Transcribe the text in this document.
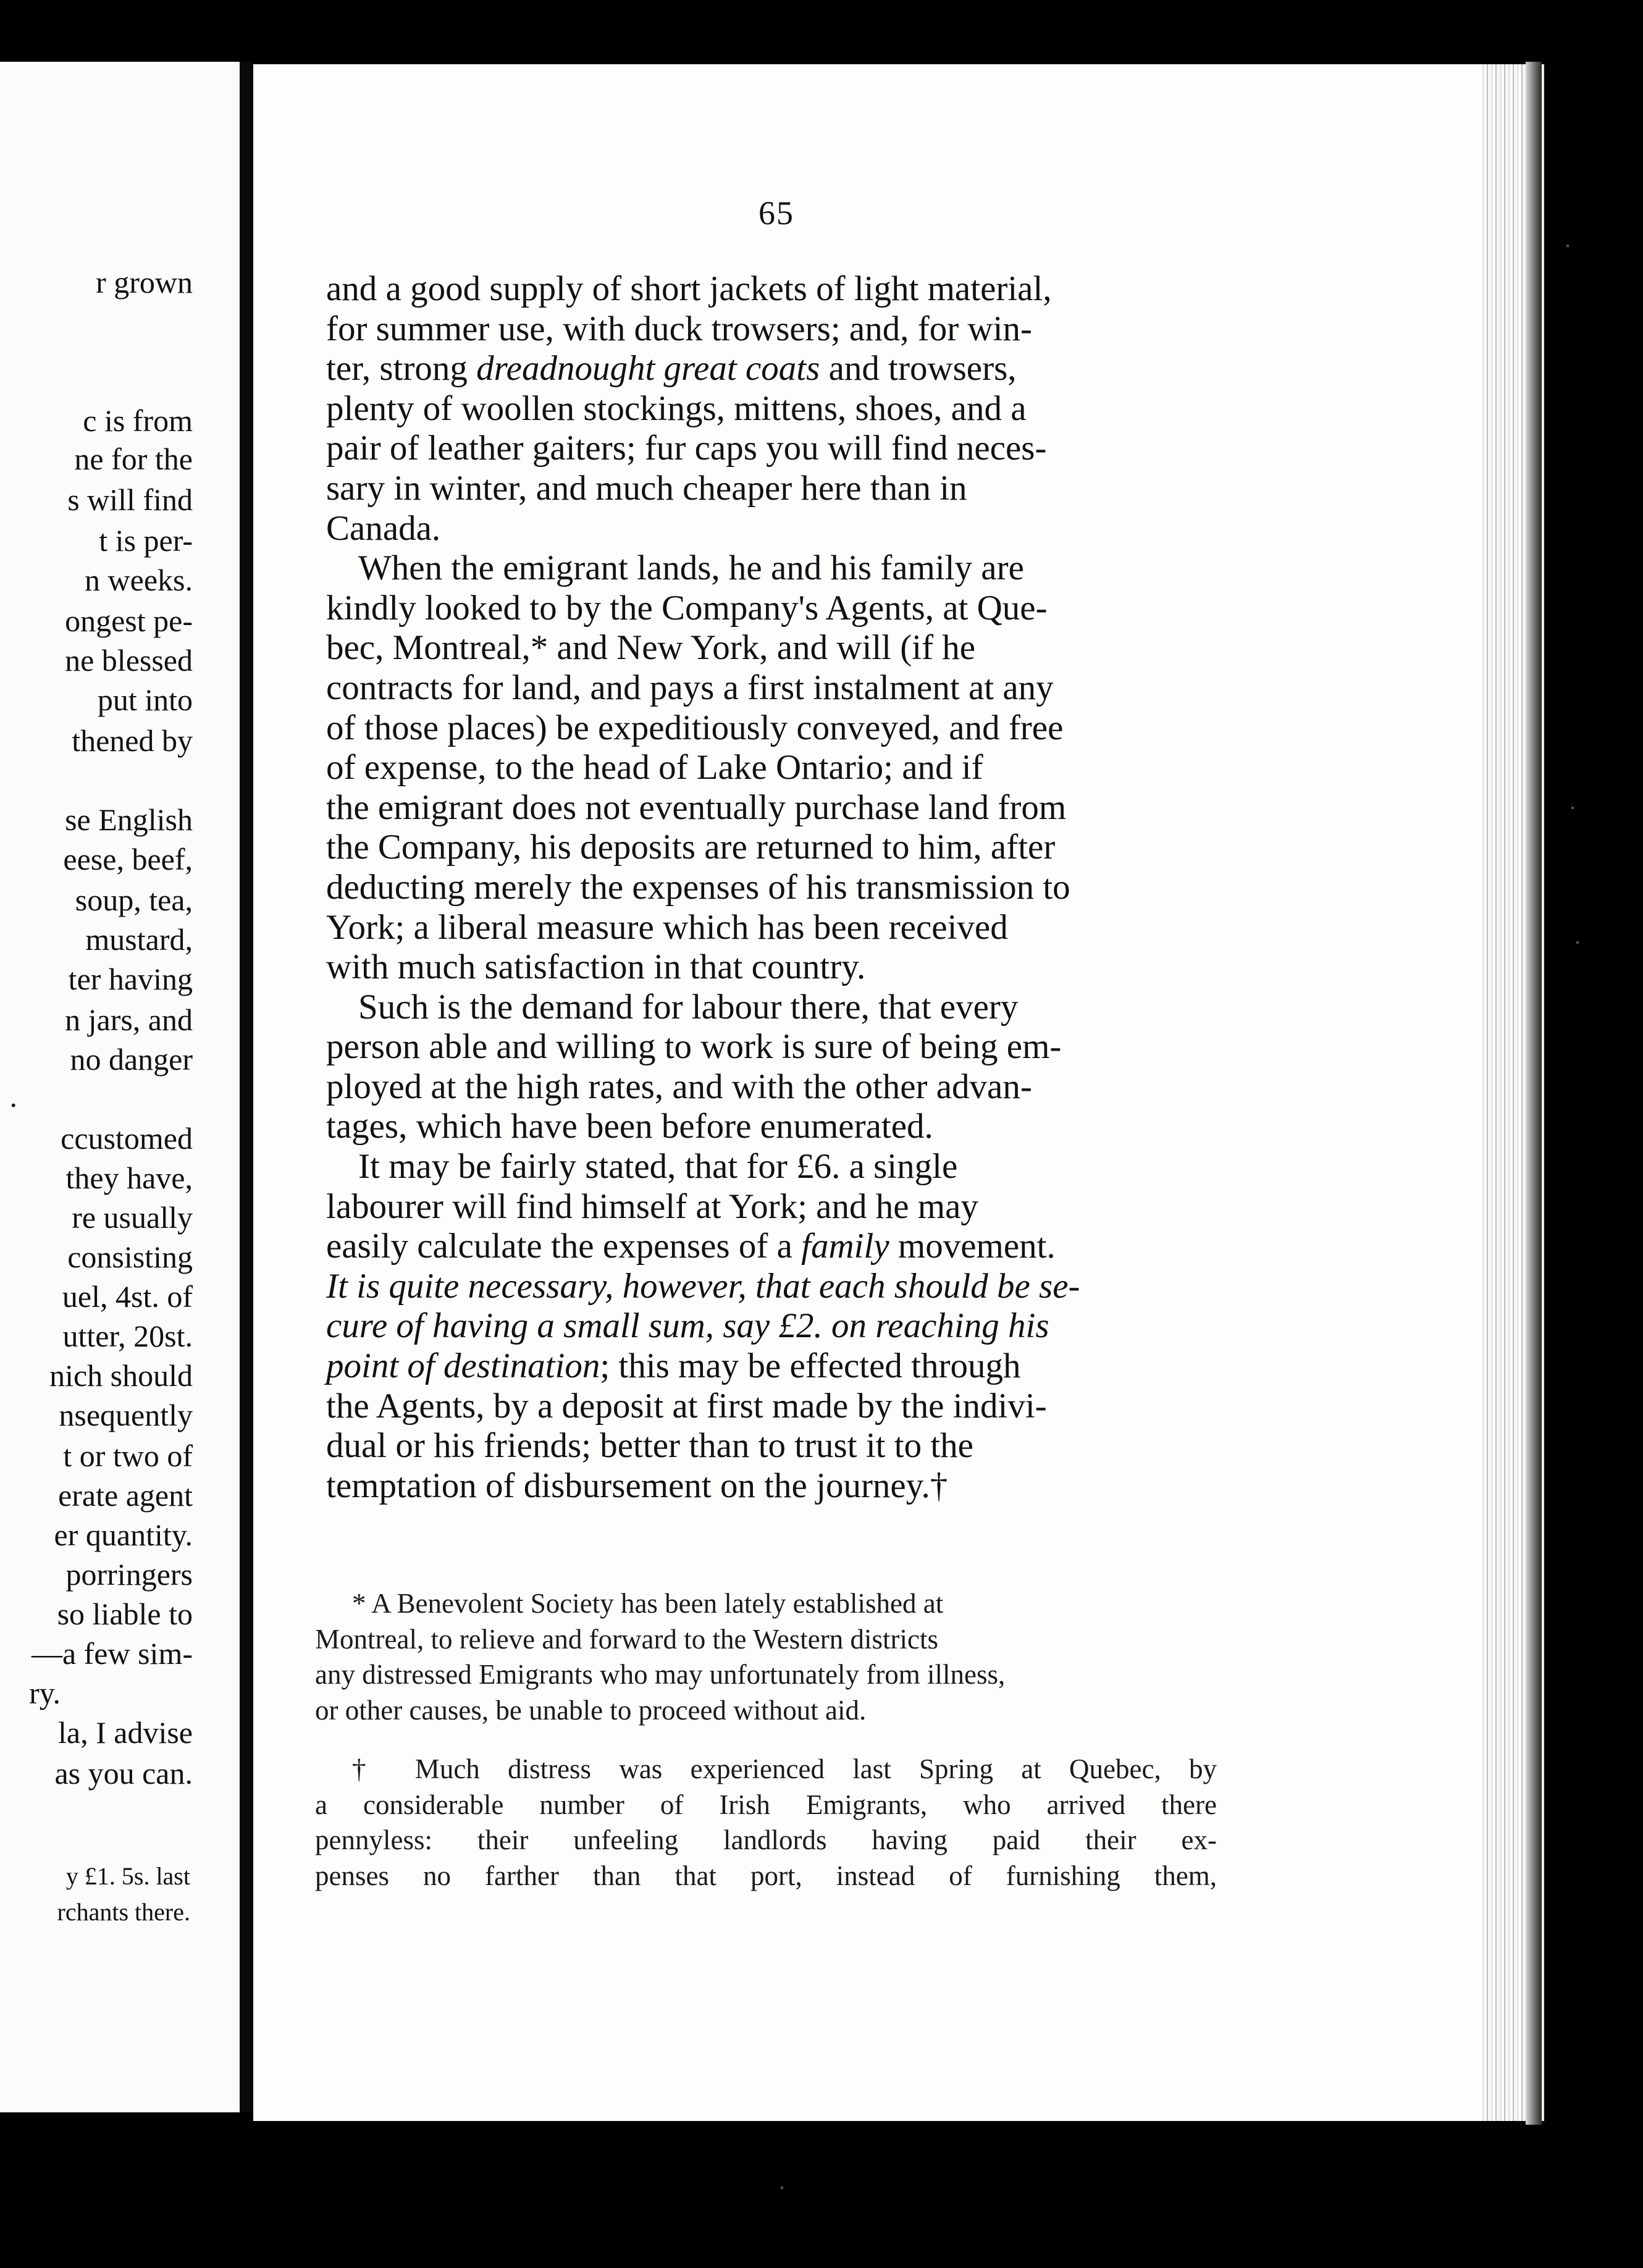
r grown
c is from
ne for the
s will find
t is per-
n weeks.
ongest pe-
ne blessed
put into
thened by
se English
eese, beef,
soup, tea,
mustard,
ter having
n jars, and
no danger
.
ccustomed
they have,
re usually
consisting
uel, 4st. of
utter, 20st.
nich should
nsequently
t or two of
erate agent
er quantity.
porringers
so liable to
—a few sim-
ry.
la, I advise
as you can.
y £1. 5s. last
rchants there.
65

and a good supply of short jackets of light material,
for summer use, with duck trowsers; and, for win-
ter, strong dreadnought great coats and trowsers,
plenty of woollen stockings, mittens, shoes, and a
pair of leather gaiters; fur caps you will find neces-
sary in winter, and much cheaper here than in
Canada.

When the emigrant lands, he and his family are
kindly looked to by the Company's Agents, at Que-
bec, Montreal,* and New York, and will (if he
contracts for land, and pays a first instalment at any
of those places) be expeditiously conveyed, and free
of expense, to the head of Lake Ontario; and if
the emigrant does not eventually purchase land from
the Company, his deposits are returned to him, after
deducting merely the expenses of his transmission to
York; a liberal measure which has been received
with much satisfaction in that country.

Such is the demand for labour there, that every
person able and willing to work is sure of being em-
ployed at the high rates, and with the other advan-
tages, which have been before enumerated.

It may be fairly stated, that for £6. a single
labourer will find himself at York; and he may
easily calculate the expenses of a family movement.
It is quite necessary, however, that each should be se-
cure of having a small sum, say £2. on reaching his
point of destination; this may be effected through
the Agents, by a deposit at first made by the indivi-
dual or his friends; better than to trust it to the
temptation of disbursement on the journey.†

* A Benevolent Society has been lately established at
Montreal, to relieve and forward to the Western districts
any distressed Emigrants who may unfortunately from illness,
or other causes, be unable to proceed without aid.

† Much distress was experienced last Spring at Quebec, by
a considerable number of Irish Emigrants, who arrived there
pennyless: their unfeeling landlords having paid their ex-
penses no farther than that port, instead of furnishing them,
